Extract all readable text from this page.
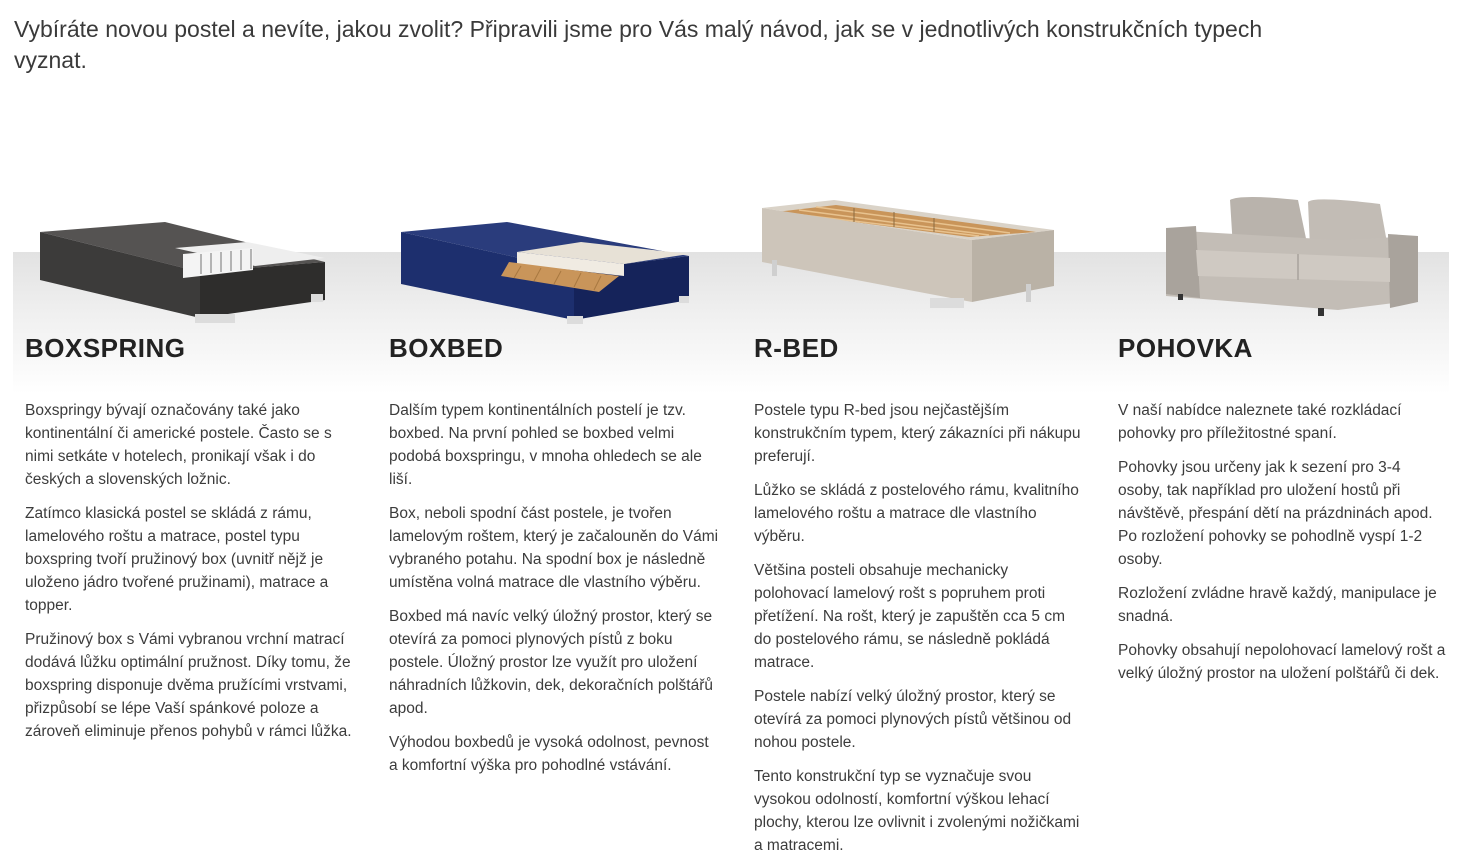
Vybíráte novou postel a nevíte, jakou zvolit? Připravili jsme pro Vás malý návod, jak se v jednotlivých konstrukčních typech vyznat.

BOXSPRING

Boxspringy bývají označovány také jako kontinentální či americké postele. Často se s nimi setkáte v hotelech, pronikají však i do českých a slovenských ložnic.

Zatímco klasická postel se skládá z rámu, lamelového roštu a matrace, postel typu boxspring tvoří pružinový box (uvnitř nějž je uloženo jádro tvořené pružinami), matrace a topper.

Pružinový box s Vámi vybranou vrchní matrací dodává lůžku optimální pružnost. Díky tomu, že boxspring disponuje dvěma pružícími vrstvami, přizpůsobí se lépe Vaší spánkové poloze a zároveň eliminuje přenos pohybů v rámci lůžka.

BOXBED

Dalším typem kontinentálních postelí je tzv. boxbed. Na první pohled se boxbed velmi podobá boxspringu, v mnoha ohledech se ale liší.

Box, neboli spodní část postele, je tvořen lamelovým roštem, který je začalouněn do Vámi vybraného potahu. Na spodní box je následně umístěna volná matrace dle vlastního výběru.

Boxbed má navíc velký úložný prostor, který se otevírá za pomoci plynových pístů z boku postele. Úložný prostor lze využít pro uložení náhradních lůžkovin, dek, dekoračních polštářů apod.

Výhodou boxbedů je vysoká odolnost, pevnost a komfortní výška pro pohodlné vstávání.

R-BED

Postele typu R-bed jsou nejčastějším konstrukčním typem, který zákazníci při nákupu preferují.

Lůžko se skládá z postelového rámu, kvalitního lamelového roštu a matrace dle vlastního výběru.

Většina posteli obsahuje mechanicky polohovací lamelový rošt s popruhem proti přetížení. Na rošt, který je zapuštěn cca 5 cm do postelového rámu, se následně pokládá matrace.

Postele nabízí velký úložný prostor, který se otevírá za pomoci plynových pístů většinou od nohou postele.

Tento konstrukční typ se vyznačuje svou vysokou odolností, komfortní výškou lehací plochy, kterou lze ovlivnit i zvolenými nožičkami a matracemi.

POHOVKA

V naší nabídce naleznete také rozkládací pohovky pro příležitostné spaní.

Pohovky jsou určeny jak k sezení pro 3-4 osoby, tak například pro uložení hostů při návštěvě, přespání dětí na prázdninách apod. Po rozložení pohovky se pohodlně vyspí 1-2 osoby.

Rozložení zvládne hravě každý, manipulace je snadná.

Pohovky obsahují nepolohovací lamelový rošt a velký úložný prostor na uložení polštářů či dek.
